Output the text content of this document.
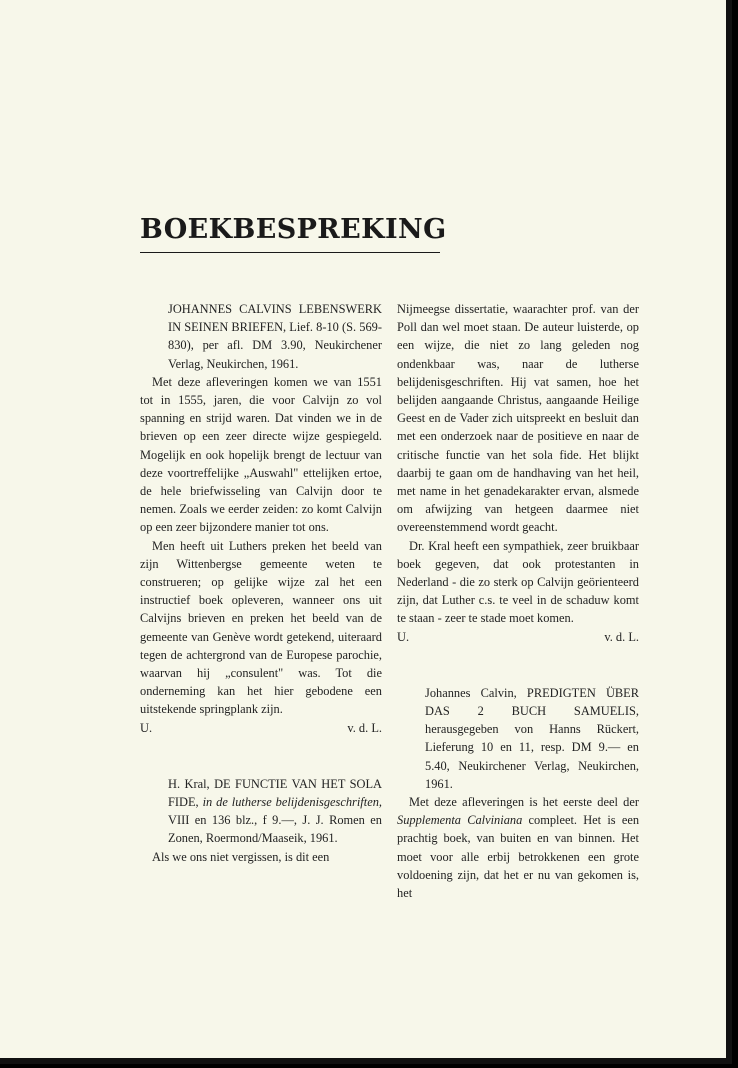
BOEKBESPREKING

JOHANNES CALVINS LEBENSWERK IN SEINEN BRIEFEN, Lief. 8-10 (S. 569-830), per afl. DM 3.90, Neukirchener Verlag, Neukirchen, 1961.

Met deze afleveringen komen we van 1551 tot in 1555, jaren, die voor Calvijn zo vol spanning en strijd waren. Dat vinden we in de brieven op een zeer directe wijze gespiegeld. Mogelijk en ook hopelijk brengt de lectuur van deze voortreffelijke „Auswahl" ettelijken ertoe, de hele briefwisseling van Calvijn door te nemen. Zoals we eerder zeiden: zo komt Calvijn op een zeer bijzondere manier tot ons.

Men heeft uit Luthers preken het beeld van zijn Wittenbergse gemeente weten te construeren; op gelijke wijze zal het een instructief boek opleveren, wanneer ons uit Calvijns brieven en preken het beeld van de gemeente van Genève wordt getekend, uiteraard tegen de achtergrond van de Europese parochie, waarvan hij „consulent" was. Tot die onderneming kan het hier gebodene een uitstekende springplank zijn.

U.	v. d. L.

H. Kral, DE FUNCTIE VAN HET SOLA FIDE, in de lutherse belijdenisgeschriften, VIII en 136 blz., f 9.—, J. J. Romen en Zonen, Roermond/Maaseik, 1961.

Als we ons niet vergissen, is dit een

Nijmeegse dissertatie, waarachter prof. van der Poll dan wel moet staan. De auteur luisterde, op een wijze, die niet zo lang geleden nog ondenkbaar was, naar de lutherse belijdenisgeschriften. Hij vat samen, hoe het belijden aangaande Christus, aangaande Heilige Geest en de Vader zich uitspreekt en besluit dan met een onderzoek naar de positieve en naar de critische functie van het sola fide. Het blijkt daarbij te gaan om de handhaving van het heil, met name in het genadekarakter ervan, alsmede om afwijzing van hetgeen daarmee niet overeenstemmend wordt geacht.

Dr. Kral heeft een sympathiek, zeer bruikbaar boek gegeven, dat ook protestanten in Nederland - die zo sterk op Calvijn geörienteerd zijn, dat Luther c.s. te veel in de schaduw komt te staan - zeer te stade moet komen.

U.	v. d. L.

Johannes Calvin, PREDIGTEN ÜBER DAS 2 BUCH SAMUELIS, herausgegeben von Hanns Rückert, Lieferung 10 en 11, resp. DM 9.— en 5.40, Neukirchener Verlag, Neukirchen, 1961.

Met deze afleveringen is het eerste deel der Supplementa Calviniana compleet. Het is een prachtig boek, van buiten en van binnen. Het moet voor alle erbij betrokkenen een grote voldoening zijn, dat het er nu van gekomen is, het
